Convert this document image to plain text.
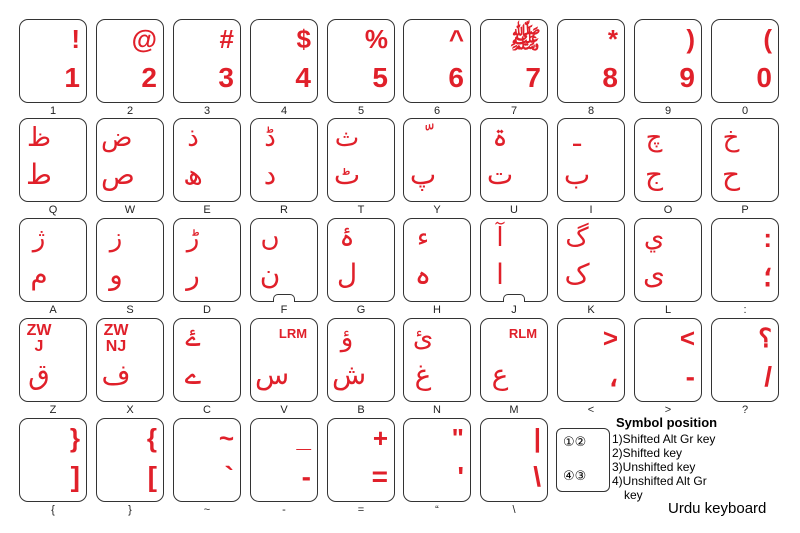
!
1
1
@
2
2
#
3
3
$
4
4
%
5
5
^
6
6
ﷺ
7
7
*
8
8
)
9
9
(
0
0
ظ
ط
Q
ض
ص
W
ذ
ھ
E
ڈ
د
R
ث
ٹ
T
پ
Y
ۃ
ت
U
ـ
ب
I
چ
ج
O
خ
ح
P
ژ
م
A
ز
و
S
ڑ
ر
D
ں
ن
F
ۂ
ل
G
ء
ہ
H
آ
ا
J
گ
ک
K
ي
ی
L
:
؛
:
ZW
J
ق
Z
ZW
NJ
ف
X
ۓ
ے
C
LRM
س
V
ؤ
ش
B
ئ
غ
N
RLM
ع
M
>
،
<
<
-
>
؟
/
?
}
]
{
{
[
}
~
`
~
_
-
-
+
=
=
"
'
“
|
\
\
①②
④③
Symbol position
1)Shifted Alt Gr key
2)Shifted key
3)Unshifted key
4)Unshifted Alt Gr
key
Urdu keyboard
